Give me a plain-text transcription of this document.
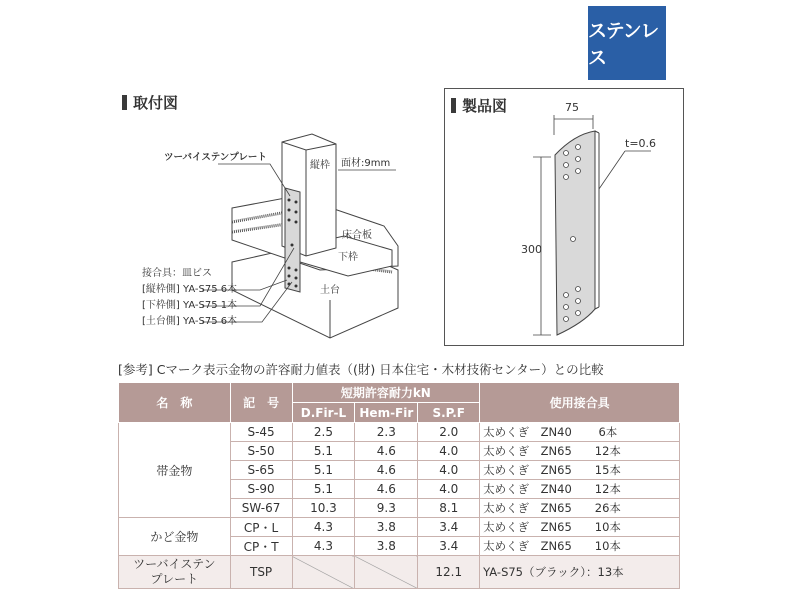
ステンレス
取付図
ツーバイステンプレート
縦枠 面材:9mm
床合板
下枠
土台
接合具：皿ビス
[縦枠側] YA-S75 6本
[下枠側] YA-S75 1本
[土台側] YA-S75 6本
製品図	75
t=0.6
300
[参考] Cマーク表示金物の許容耐力値表（(財) 日本住宅・木材技術センター）との比較
名　称	記　号	短期許容耐力kN			使用接合具
		D.Fir-L	Hem-Fir	S.P.F	
帯金物	S-45	2.5	2.3	2.0	太めくぎ　ZN40　　 6本
	S-50	5.1	4.6	4.0	太めくぎ　ZN65　　12本
	S-65	5.1	4.6	4.0	太めくぎ　ZN65　　15本
	S-90	5.1	4.6	4.0	太めくぎ　ZN40　　12本
	SW-67	10.3	9.3	8.1	太めくぎ　ZN65　　26本
かど金物	CP・L	4.3	3.8	3.4	太めくぎ　ZN65　　10本
	CP・T	4.3	3.8	3.4	太めくぎ　ZN65　　10本
ツーバイステン
プレート	TSP			12.1	YA-S75（ブラック）：13本
